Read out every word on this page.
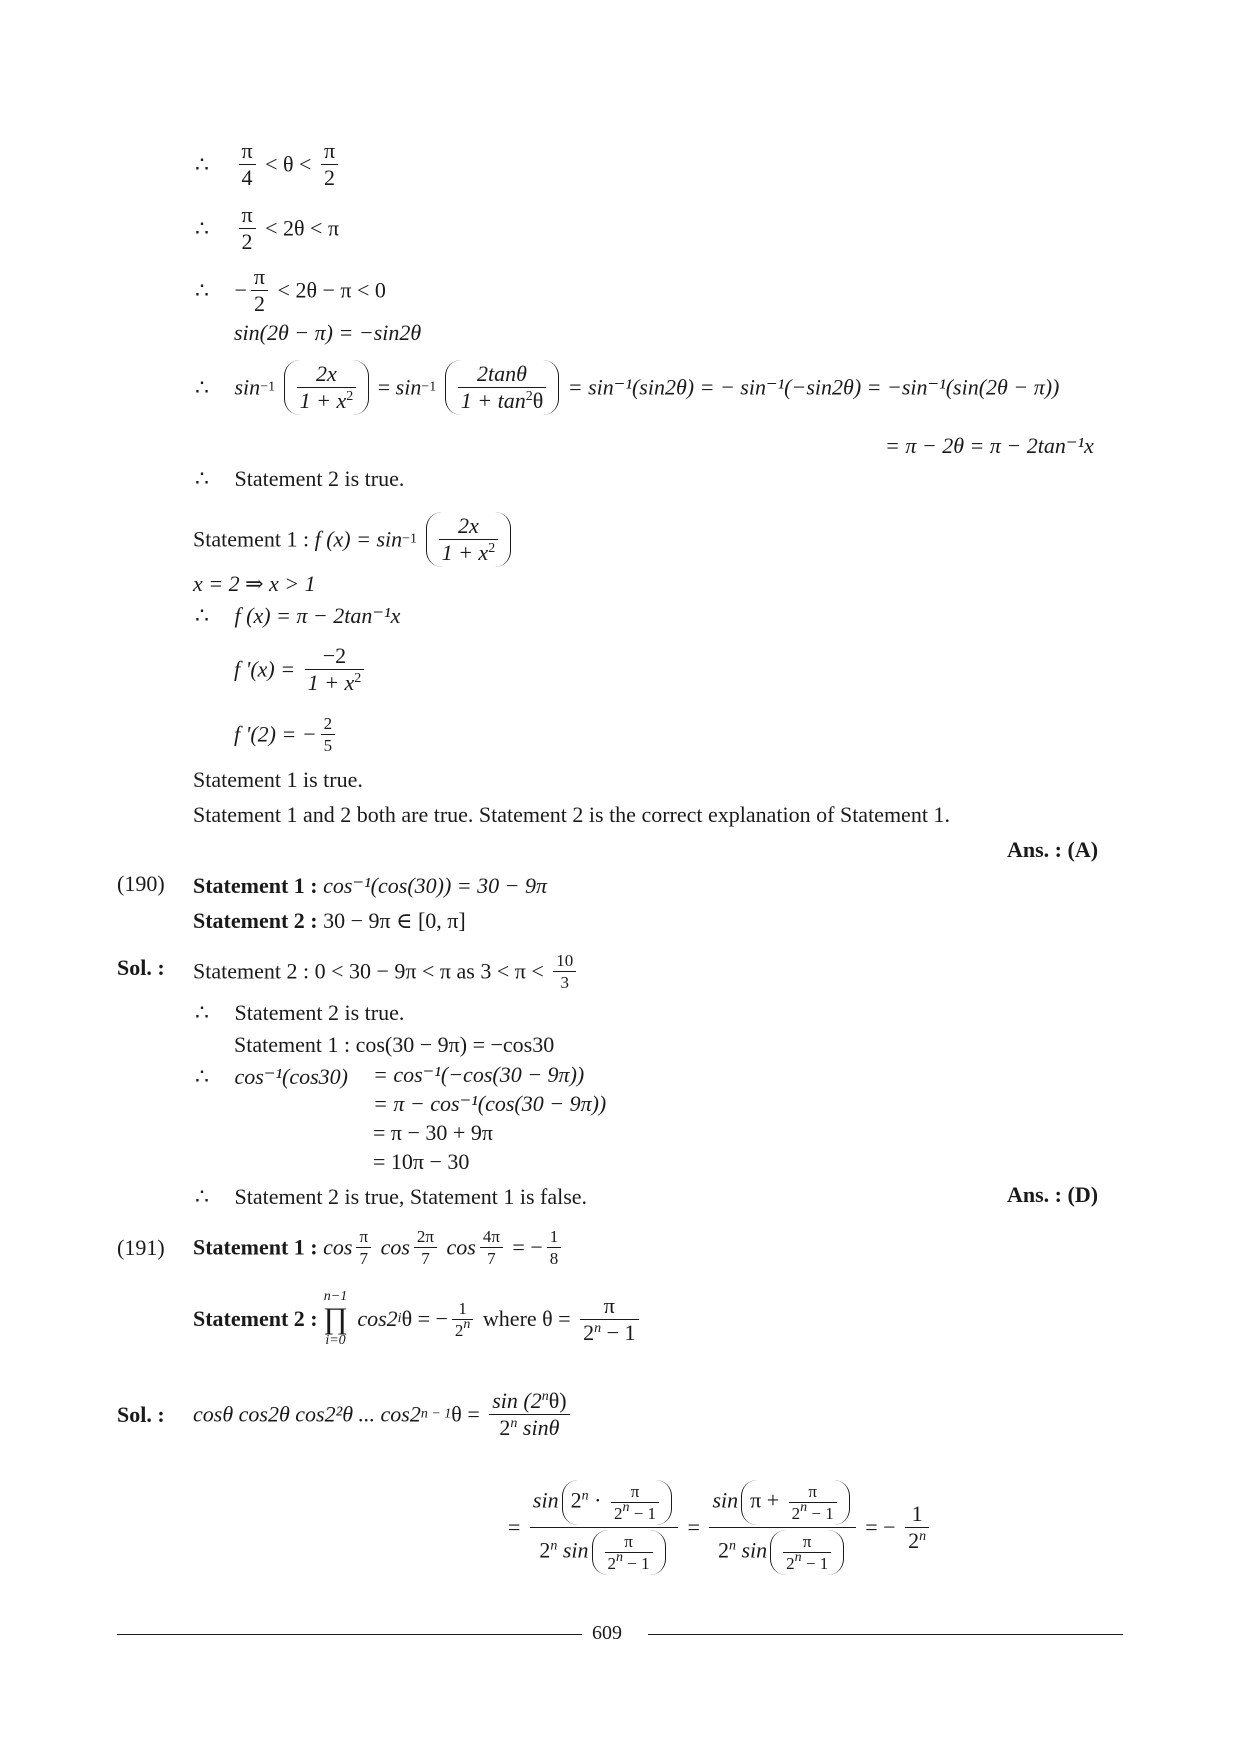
∴ $\frac{\pi}{4} < \theta < \frac{\pi}{2}$
∴ $\frac{\pi}{2} < 2\theta < \pi$
∴ − $\frac{\pi}{2} < 2\theta - \pi < 0$
sin(2θ − π) = −sin2θ
∴ $\sin-1 \frac{2x}{1 + x^2} = \sin-1 \frac{2\tan\theta}{1 + \tan^2\theta} = \sin^{-1}(\sin 2\theta)$ = − sin⁻¹(−sin2θ) = −sin⁻¹(sin(2θ − π))
= π − 2θ = π − 2tan⁻¹x
∴ Statement 2 is true.
Statement 1 : f $(x) = \sin-1 \frac{2x}{1 + x^2}$
x = 2 ⇒ x > 1
∴ f (x) = π − 2tan⁻¹x
f '$(x) = \frac{-2}{1 + x^2}$
f '(2) = − $\frac{2}{5}$
Statement 1 is true.
Statement 1 and 2 both are true. Statement 2 is the correct explanation of Statement 1.
Ans. : (A)
(190) Statement 1 : cos⁻¹(cos(30)) = 30 − 9π
Statement 2 : 30 − 9π ∈ [0, π]
Sol. : Statement 2 : 0 < 30 − 9π < π as $3 < \pi < \frac{10}{3}$
∴ Statement 2 is true.
Statement 1 : cos(30 − 9π) = −cos30
∴ cos⁻¹(cos30) = cos⁻¹(−cos(30 − 9π))
= π − cos⁻¹(cos(30 − 9π))
= π − 30 + 9π
= 10π − 30
∴ Statement 2 is true, Statement 1 is false.	Ans. : (D)
(191) Statement 1 : $\cos \frac{\pi}{7}$ $\cos \frac{2\pi}{7}$ $\cos \frac{4\pi}{7}$ = − $\frac{1}{8}$
Statement 2 : n−1
∏
i=0 cos2iθ = − $\frac{1}{2^n}$ where $\theta = \frac{\pi}{2^n - 1}$
Sol. : cosθ cos2θ cos2²θ ... $\cos 2n - 1\theta = \frac{\sin (2^n\theta)}{2^n \sin\theta}$
= $\frac{\sin 2^n \cdot \frac{\pi}{2^n - 1}}{2^n \sin \frac{\pi}{2^n - 1}} = \frac{\sin \pi + \frac{\pi}{2^n - 1}}{2^n \sin \frac{\pi}{2^n - 1}}$ = − $\frac{1}{2^n}$
609
